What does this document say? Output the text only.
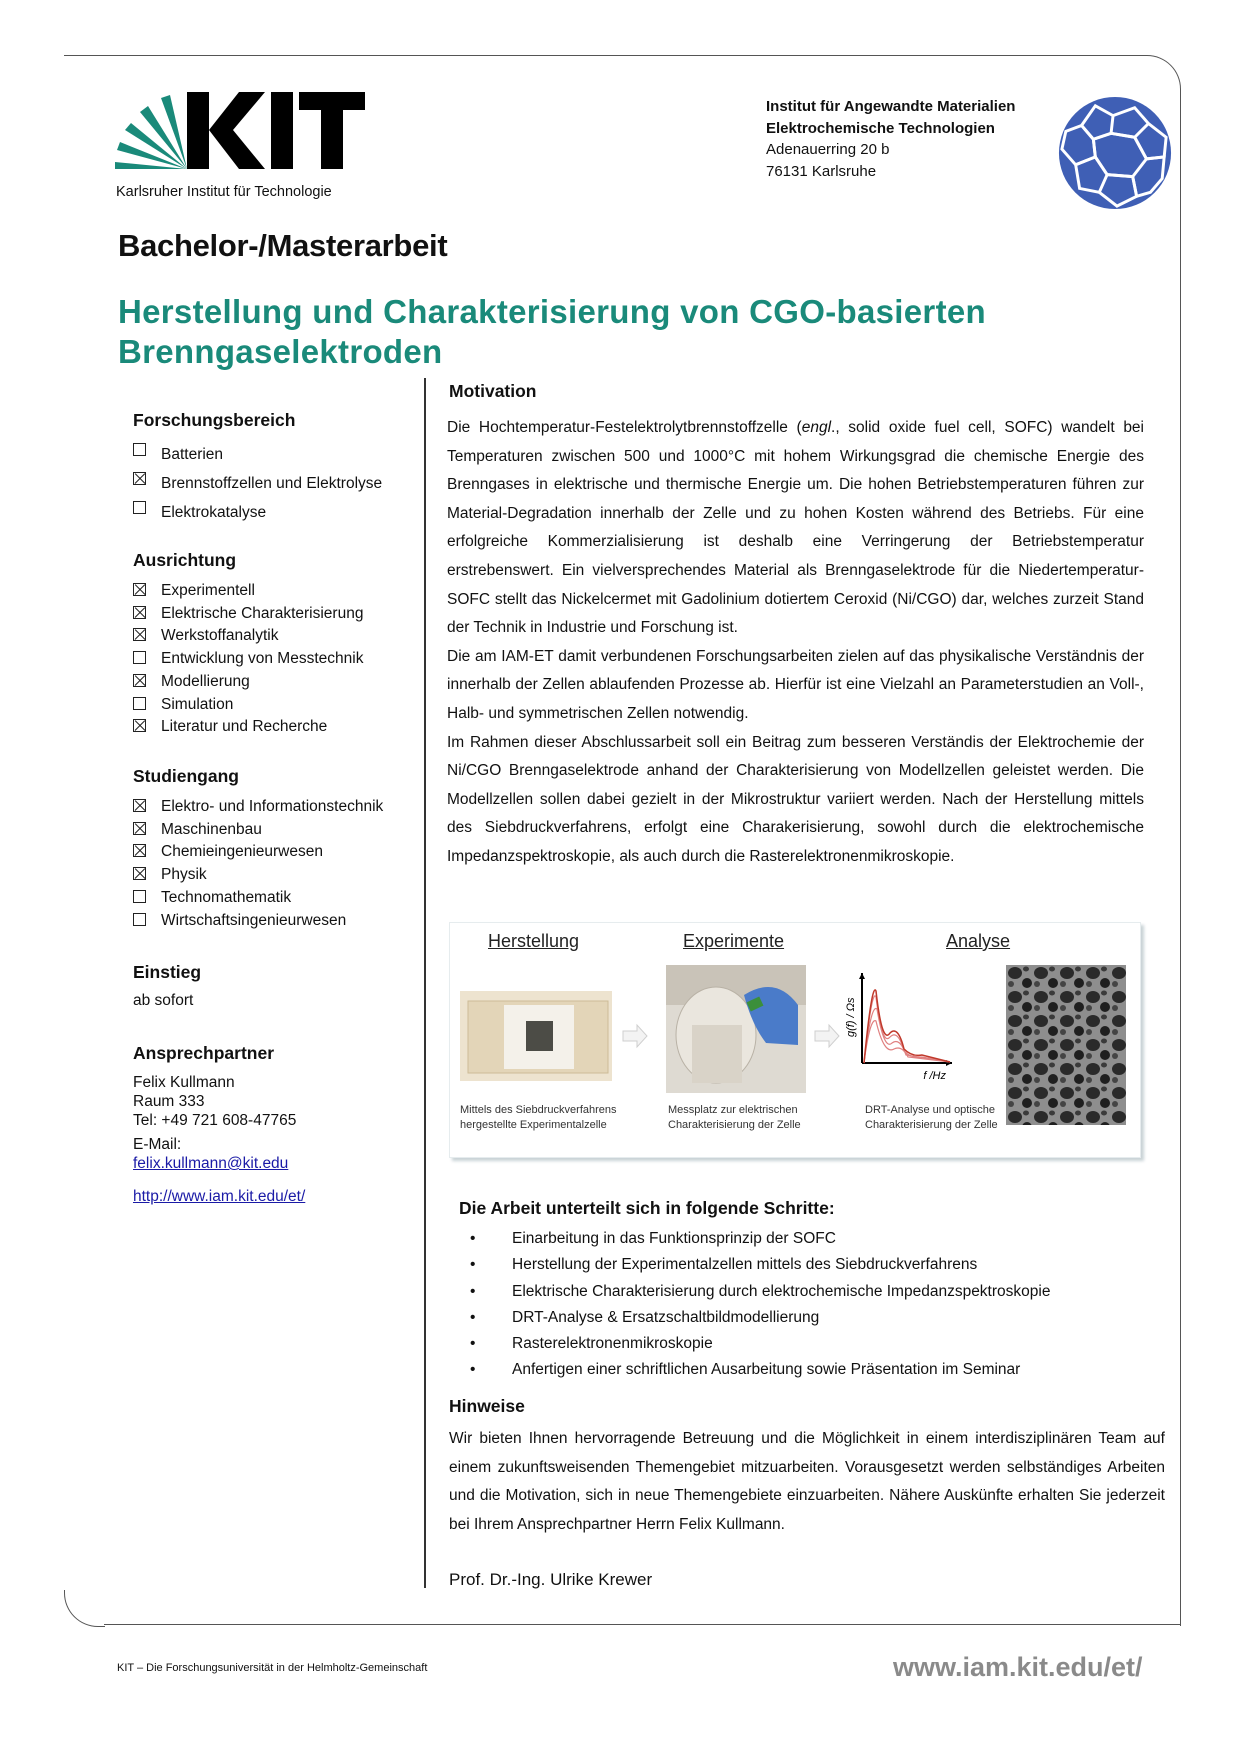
Karlsruher Institut für Technologie
Institut für Angewandte Materialien
Elektrochemische Technologien
Adenauerring 20 b
76131 Karlsruhe
Bachelor-/Masterarbeit
Herstellung und Charakterisierung von CGO-basierten
Brenngaselektroden
Forschungsbereich
Batterien
Brennstoffzellen und Elektrolyse
Elektrokatalyse
Ausrichtung
Experimentell
Elektrische Charakterisierung
Werkstoffanalytik
Entwicklung von Messtechnik
Modellierung
Simulation
Literatur und Recherche
Studiengang
Elektro- und Informationstechnik
Maschinenbau
Chemieingenieurwesen
Physik
Technomathematik
Wirtschaftsingenieurwesen
Einstieg
ab sofort
Ansprechpartner
Felix Kullmann
Raum 333
Tel: +49 721 608-47765
E-Mail:
felix.kullmann@kit.edu
http://www.iam.kit.edu/et/
Motivation

Die Hochtemperatur-Festelektrolytbrennstoffzelle (engl., solid oxide fuel cell, SOFC) wandelt bei Temperaturen zwischen 500 und 1000°C mit hohem Wirkungsgrad die chemische Energie des Brenngases in elektrische und thermische Energie um. Die hohen Betriebstemperaturen führen zur Material-Degradation innerhalb der Zelle und zu hohen Kosten während des Betriebs. Für eine erfolgreiche Kommerzialisierung ist deshalb eine Verringerung der Betriebstemperatur erstrebenswert. Ein vielversprechendes Material als Brenngaselektrode für die Niedertemperatur-SOFC stellt das Nickelcermet mit Gadolinium dotiertem Ceroxid (Ni/CGO) dar, welches zurzeit Stand der Technik in Industrie und Forschung ist.

Die am IAM-ET damit verbundenen Forschungsarbeiten zielen auf das physikalische Verständnis der innerhalb der Zellen ablaufenden Prozesse ab. Hierfür ist eine Vielzahl an Parameterstudien an Voll-, Halb- und symmetrischen Zellen notwendig.

Im Rahmen dieser Abschlussarbeit soll ein Beitrag zum besseren Verständis der Elektrochemie der Ni/CGO Brenngaselektrode anhand der Charakterisierung von Modellzellen geleistet werden. Die Modellzellen sollen dabei gezielt in der Mikrostruktur variiert werden. Nach der Herstellung mittels des Siebdruckverfahrens, erfolgt eine Charakerisierung, sowohl durch die elektrochemische Impedanzspektroskopie, als auch durch die Rasterelektronenmikroskopie.

Herstellung	Experimente	Analyse
Mittels des Siebdruckverfahrens
hergestellte Experimentalzelle
Messplatz zur elektrischen
Charakterisierung der Zelle
f /Hz
g(f) / Ωs
DRT-Analyse und optische
Charakterisierung der Zelle
Die Arbeit unterteilt sich in folgende Schritte:
• Einarbeitung in das Funktionsprinzip der SOFC
• Herstellung der Experimentalzellen mittels des Siebdruckverfahrens
• Elektrische Charakterisierung durch elektrochemische Impedanzspektroskopie
• DRT-Analyse & Ersatzschaltbildmodellierung
• Rasterelektronenmikroskopie
• Anfertigen einer schriftlichen Ausarbeitung sowie Präsentation im Seminar
Hinweise

Wir bieten Ihnen hervorragende Betreuung und die Möglichkeit in einem interdisziplinären Team auf einem zukunftsweisenden Themengebiet mitzuarbeiten. Vorausgesetzt werden selbständiges Arbeiten und die Motivation, sich in neue Themengebiete einzuarbeiten. Nähere Auskünfte erhalten Sie jederzeit bei Ihrem Ansprechpartner Herrn Felix Kullmann.

Prof. Dr.-Ing. Ulrike Krewer
KIT – Die Forschungsuniversität in der Helmholtz-Gemeinschaft	www.iam.kit.edu/et/
